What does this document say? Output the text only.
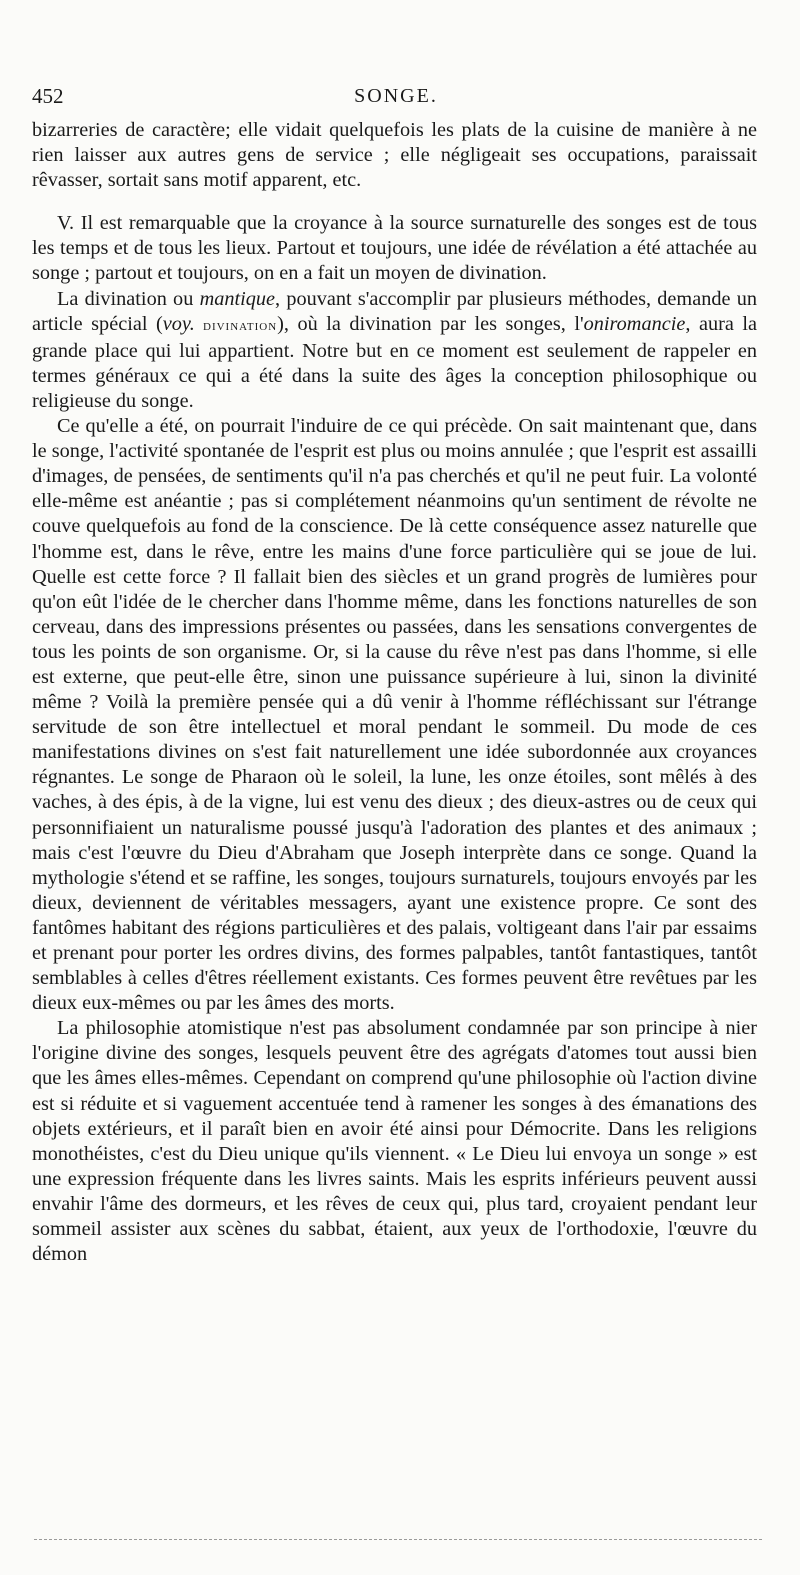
452	SONGE.

bizarreries de caractère; elle vidait quelquefois les plats de la cuisine de manière à ne rien laisser aux autres gens de service ; elle négligeait ses occupations, paraissait rêvasser, sortait sans motif apparent, etc.

V. Il est remarquable que la croyance à la source surnaturelle des songes est de tous les temps et de tous les lieux. Partout et toujours, une idée de révélation a été attachée au songe ; partout et toujours, on en a fait un moyen de divination.

La divination ou mantique, pouvant s'accomplir par plusieurs méthodes, demande un article spécial (voy. divination), où la divination par les songes, l'oniromancie, aura la grande place qui lui appartient. Notre but en ce moment est seulement de rappeler en termes généraux ce qui a été dans la suite des âges la conception philosophique ou religieuse du songe.

Ce qu'elle a été, on pourrait l'induire de ce qui précède. On sait maintenant que, dans le songe, l'activité spontanée de l'esprit est plus ou moins annulée ; que l'esprit est assailli d'images, de pensées, de sentiments qu'il n'a pas cherchés et qu'il ne peut fuir. La volonté elle-même est anéantie ; pas si complétement néanmoins qu'un sentiment de révolte ne couve quelquefois au fond de la conscience. De là cette conséquence assez naturelle que l'homme est, dans le rêve, entre les mains d'une force particulière qui se joue de lui. Quelle est cette force ? Il fallait bien des siècles et un grand progrès de lumières pour qu'on eût l'idée de le chercher dans l'homme même, dans les fonctions naturelles de son cerveau, dans des impressions présentes ou passées, dans les sensations convergentes de tous les points de son organisme. Or, si la cause du rêve n'est pas dans l'homme, si elle est externe, que peut-elle être, sinon une puissance supérieure à lui, sinon la divinité même ? Voilà la première pensée qui a dû venir à l'homme réfléchissant sur l'étrange servitude de son être intellectuel et moral pendant le sommeil. Du mode de ces manifestations divines on s'est fait naturellement une idée subordonnée aux croyances régnantes. Le songe de Pharaon où le soleil, la lune, les onze étoiles, sont mêlés à des vaches, à des épis, à de la vigne, lui est venu des dieux ; des dieux-astres ou de ceux qui personnifiaient un naturalisme poussé jusqu'à l'adoration des plantes et des animaux ; mais c'est l'œuvre du Dieu d'Abraham que Joseph interprète dans ce songe. Quand la mythologie s'étend et se raffine, les songes, toujours surnaturels, toujours envoyés par les dieux, deviennent de véritables messagers, ayant une existence propre. Ce sont des fantômes habitant des régions particulières et des palais, voltigeant dans l'air par essaims et prenant pour porter les ordres divins, des formes palpables, tantôt fantastiques, tantôt semblables à celles d'êtres réellement existants. Ces formes peuvent être revêtues par les dieux eux-mêmes ou par les âmes des morts.

La philosophie atomistique n'est pas absolument condamnée par son principe à nier l'origine divine des songes, lesquels peuvent être des agrégats d'atomes tout aussi bien que les âmes elles-mêmes. Cependant on comprend qu'une philosophie où l'action divine est si réduite et si vaguement accentuée tend à ramener les songes à des émanations des objets extérieurs, et il paraît bien en avoir été ainsi pour Démocrite. Dans les religions monothéistes, c'est du Dieu unique qu'ils viennent. « Le Dieu lui envoya un songe » est une expression fréquente dans les livres saints. Mais les esprits inférieurs peuvent aussi envahir l'âme des dormeurs, et les rêves de ceux qui, plus tard, croyaient pendant leur sommeil assister aux scènes du sabbat, étaient, aux yeux de l'orthodoxie, l'œuvre du démon
